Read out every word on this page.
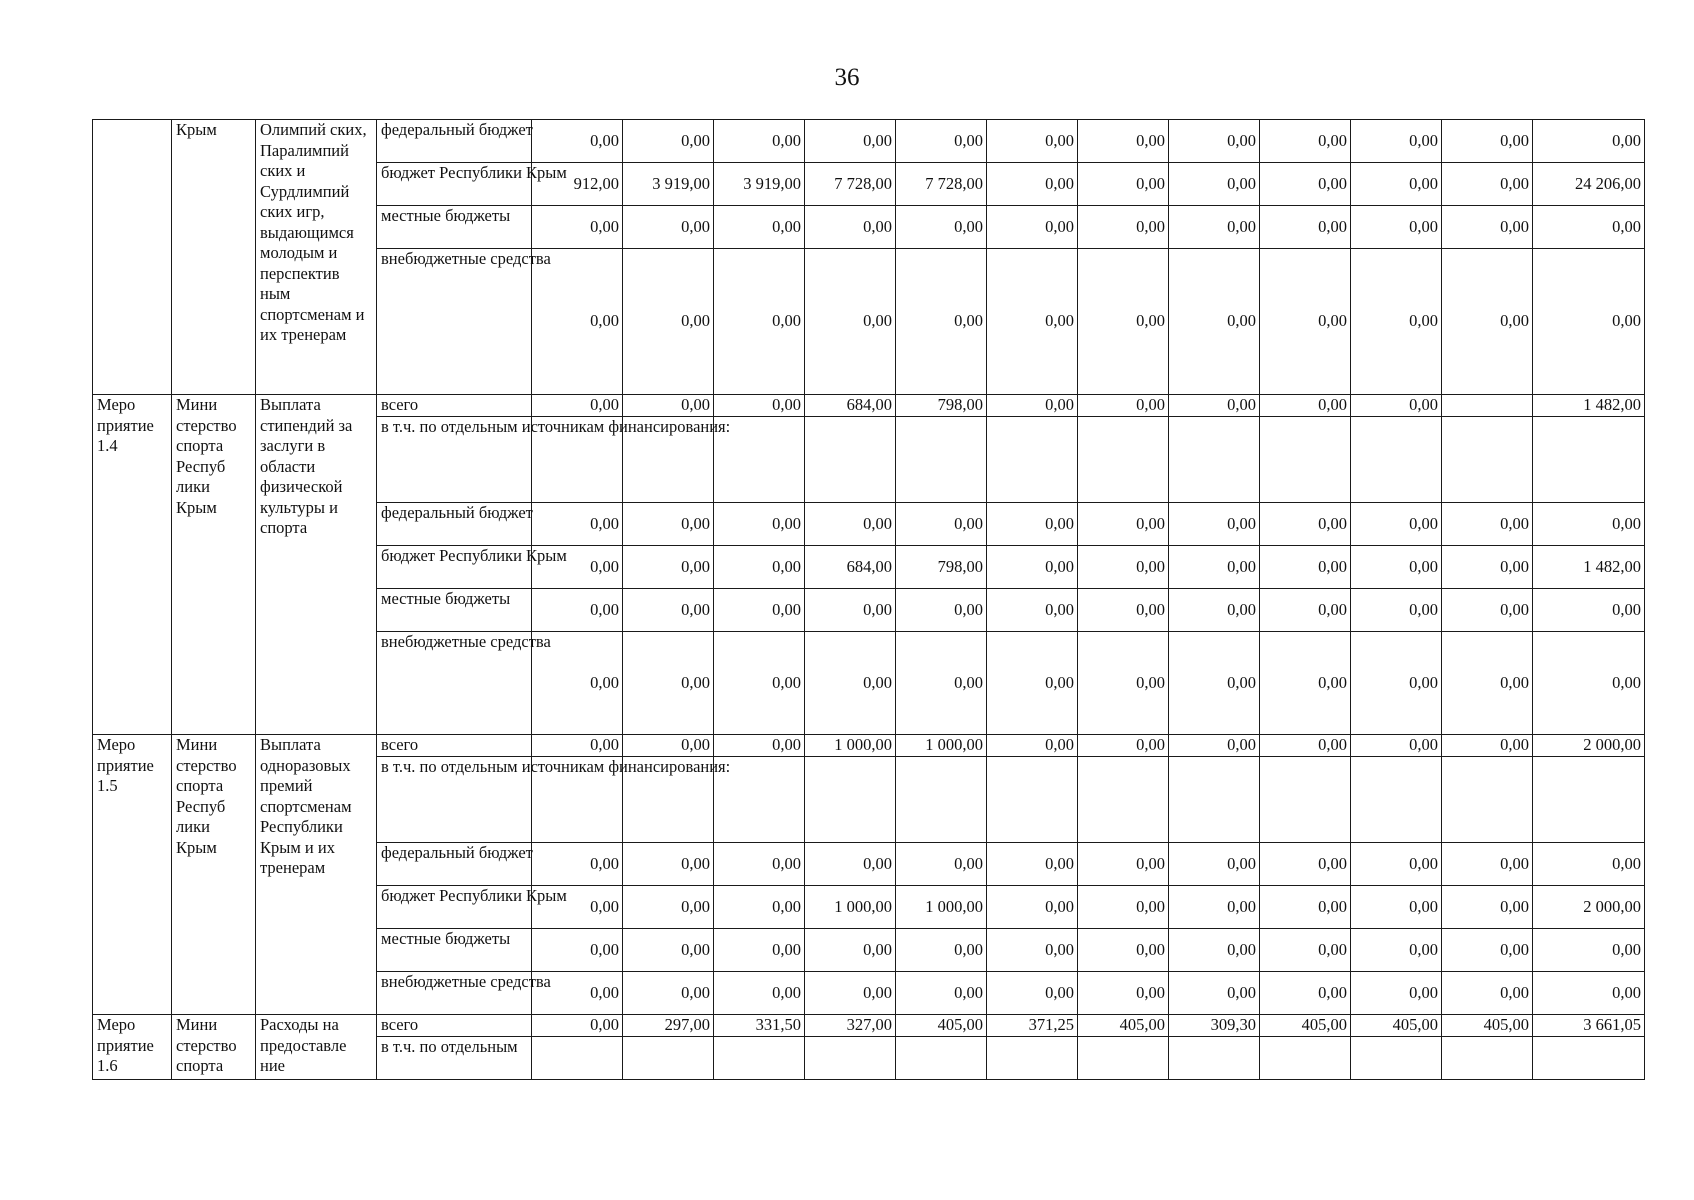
36
	Крым	Олимпий ских, Паралимпий ских и Сурдлимпий ских игр, выдающимся молодым и перспектив ным спортсменам и их тренерам	федеральный бюджет	0,00	0,00	0,00	0,00	0,00	0,00	0,00	0,00	0,00	0,00	0,00	0,00
			бюджет Республики Крым	912,00	3 919,00	3 919,00	7 728,00	7 728,00	0,00	0,00	0,00	0,00	0,00	0,00	24 206,00
			местные бюджеты	0,00	0,00	0,00	0,00	0,00	0,00	0,00	0,00	0,00	0,00	0,00	0,00
			внебюджетные средства	0,00	0,00	0,00	0,00	0,00	0,00	0,00	0,00	0,00	0,00	0,00	0,00
Меро приятие 1.4	Мини стерство спорта Респуб лики Крым	Выплата стипендий за заслуги в области физической культуры и спорта	всего	0,00	0,00	0,00	684,00	798,00	0,00	0,00	0,00	0,00	0,00		1 482,00
			в т.ч. по отдельным источникам финансирования:												
			федеральный бюджет	0,00	0,00	0,00	0,00	0,00	0,00	0,00	0,00	0,00	0,00	0,00	0,00
			бюджет Республики Крым	0,00	0,00	0,00	684,00	798,00	0,00	0,00	0,00	0,00	0,00	0,00	1 482,00
			местные бюджеты	0,00	0,00	0,00	0,00	0,00	0,00	0,00	0,00	0,00	0,00	0,00	0,00
			внебюджетные средства	0,00	0,00	0,00	0,00	0,00	0,00	0,00	0,00	0,00	0,00	0,00	0,00
Меро приятие 1.5	Мини стерство спорта Респуб лики Крым	Выплата одноразовых премий спортсменам Республики Крым и их тренерам	всего	0,00	0,00	0,00	1 000,00	1 000,00	0,00	0,00	0,00	0,00	0,00	0,00	2 000,00
			в т.ч. по отдельным источникам финансирования:												
			федеральный бюджет	0,00	0,00	0,00	0,00	0,00	0,00	0,00	0,00	0,00	0,00	0,00	0,00
			бюджет Республики Крым	0,00	0,00	0,00	1 000,00	1 000,00	0,00	0,00	0,00	0,00	0,00	0,00	2 000,00
			местные бюджеты	0,00	0,00	0,00	0,00	0,00	0,00	0,00	0,00	0,00	0,00	0,00	0,00
			внебюджетные средства	0,00	0,00	0,00	0,00	0,00	0,00	0,00	0,00	0,00	0,00	0,00	0,00
Меро приятие 1.6	Мини стерство спорта	Расходы на предоставле ние	всего	0,00	297,00	331,50	327,00	405,00	371,25	405,00	309,30	405,00	405,00	405,00	3 661,05
			в т.ч. по отдельным												
